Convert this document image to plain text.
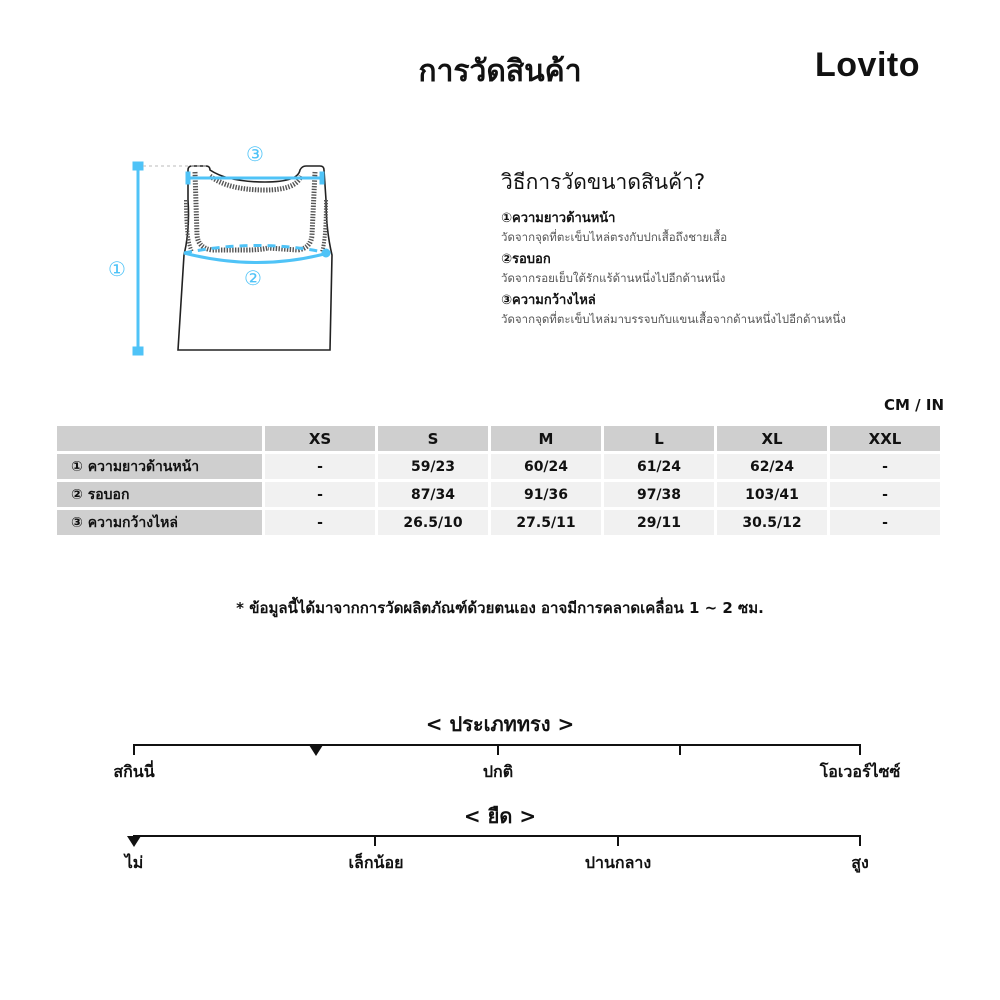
การวัดสินค้า	Lovito
①	②
③
วิธีการวัดขนาดสินค้า?

①ความยาวด้านหน้า

วัดจากจุดที่ตะเข็บไหล่ตรงกับปกเสื้อถึงชายเสื้อ

②รอบอก

วัดจากรอยเย็บใต้รักแร้ด้านหนึ่งไปอีกด้านหนึ่ง

③ความกว้างไหล่

วัดจากจุดที่ตะเข็บไหล่มาบรรจบกับแขนเสื้อจากด้านหนึ่งไปอีกด้านหนึ่ง

CM / IN
	XS	S	M	L	XL	XXL
① ความยาวด้านหน้า	-	59/23	60/24	61/24	62/24	-
② รอบอก	-	87/34	91/36	97/38	103/41	-
③ ความกว้างไหล่	-	26.5/10	27.5/11	29/11	30.5/12	-
* ข้อมูลนี้ได้มาจากการวัดผลิตภัณฑ์ด้วยตนเอง อาจมีการคลาดเคลื่อน 1 ~ 2 ซม.
< ประเภททรง >
สกินนี่	ปกติ	โอเวอร์ไซซ์
< ยืด >
ไม่	เล็กน้อย	ปานกลาง	สูง
